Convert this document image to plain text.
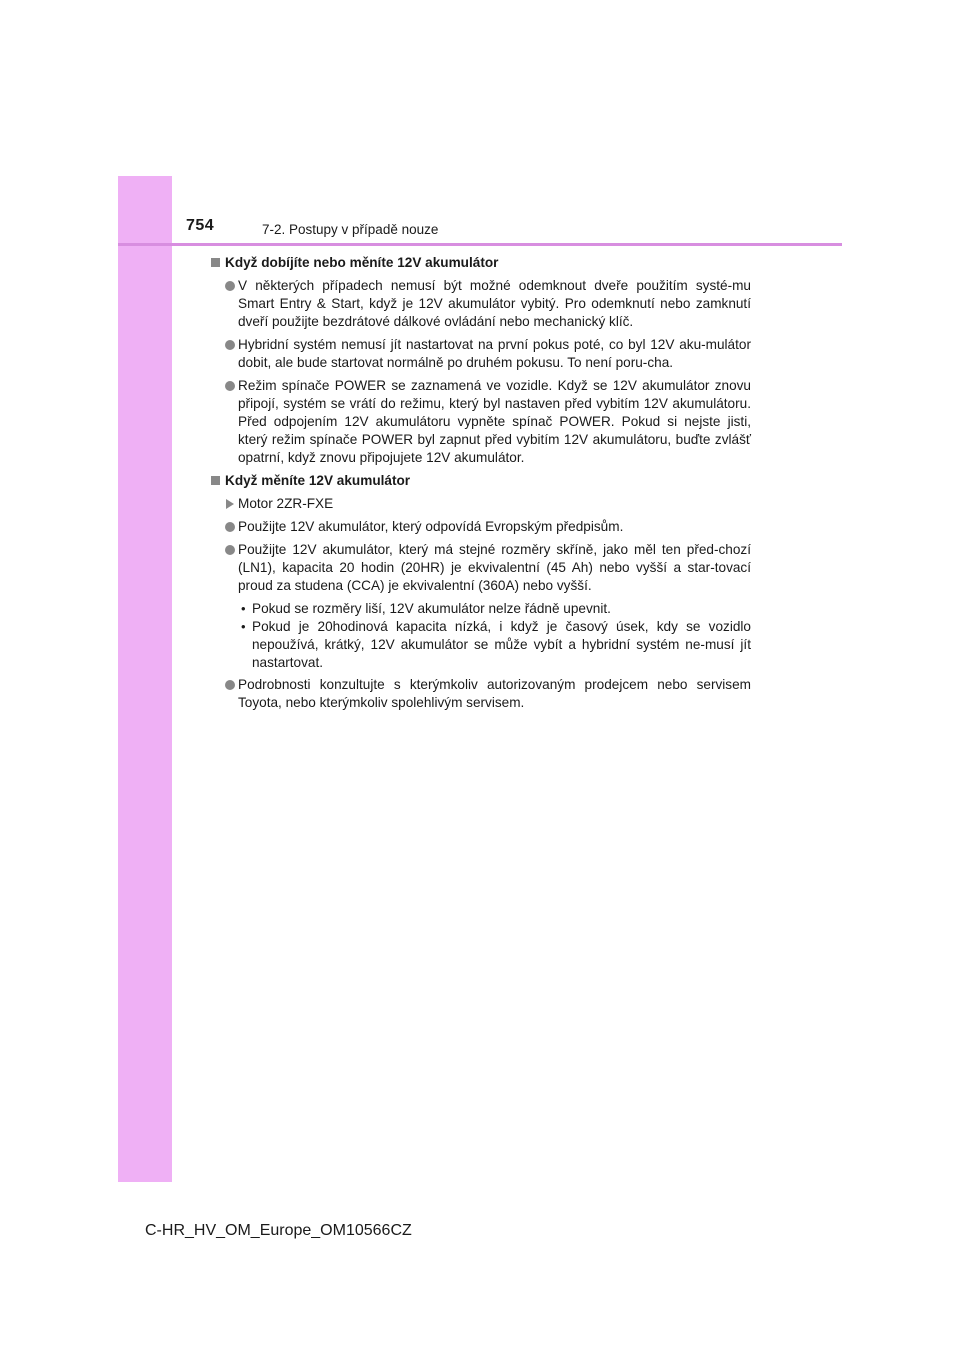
754	7-2. Postupy v případě nouze
Když dobíjíte nebo měníte 12V akumulátor
V některých případech nemusí být možné odemknout dveře použitím systé-mu Smart Entry & Start, když je 12V akumulátor vybitý. Pro odemknutí nebo zamknutí dveří použijte bezdrátové dálkové ovládání nebo mechanický klíč.
Hybridní systém nemusí jít nastartovat na první pokus poté, co byl 12V aku-mulátor dobit, ale bude startovat normálně po druhém pokusu. To není poru-cha.
Režim spínače POWER se zaznamená ve vozidle. Když se 12V akumulátor znovu připojí, systém se vrátí do režimu, který byl nastaven před vybitím 12V akumulátoru. Před odpojením 12V akumulátoru vypněte spínač POWER. Pokud si nejste jisti, který režim spínače POWER byl zapnut před vybitím 12V akumulátoru, buďte zvlášť opatrní, když znovu připojujete 12V akumulátor.
Když měníte 12V akumulátor
Motor 2ZR-FXE
Použijte 12V akumulátor, který odpovídá Evropským předpisům.
Použijte 12V akumulátor, který má stejné rozměry skříně, jako měl ten před-chozí (LN1), kapacita 20 hodin (20HR) je ekvivalentní (45 Ah) nebo vyšší a star-tovací proud za studena (CCA) je ekvivalentní (360A) nebo vyšší.
• Pokud se rozměry liší, 12V akumulátor nelze řádně upevnit.
• Pokud je 20hodinová kapacita nízká, i když je časový úsek, kdy se vozidlo nepoužívá, krátký, 12V akumulátor se může vybít a hybridní systém ne-musí jít nastartovat.
Podrobnosti konzultujte s kterýmkoliv autorizovaným prodejcem nebo servisem Toyota, nebo kterýmkoliv spolehlivým servisem.
C-HR_HV_OM_Europe_OM10566CZ
